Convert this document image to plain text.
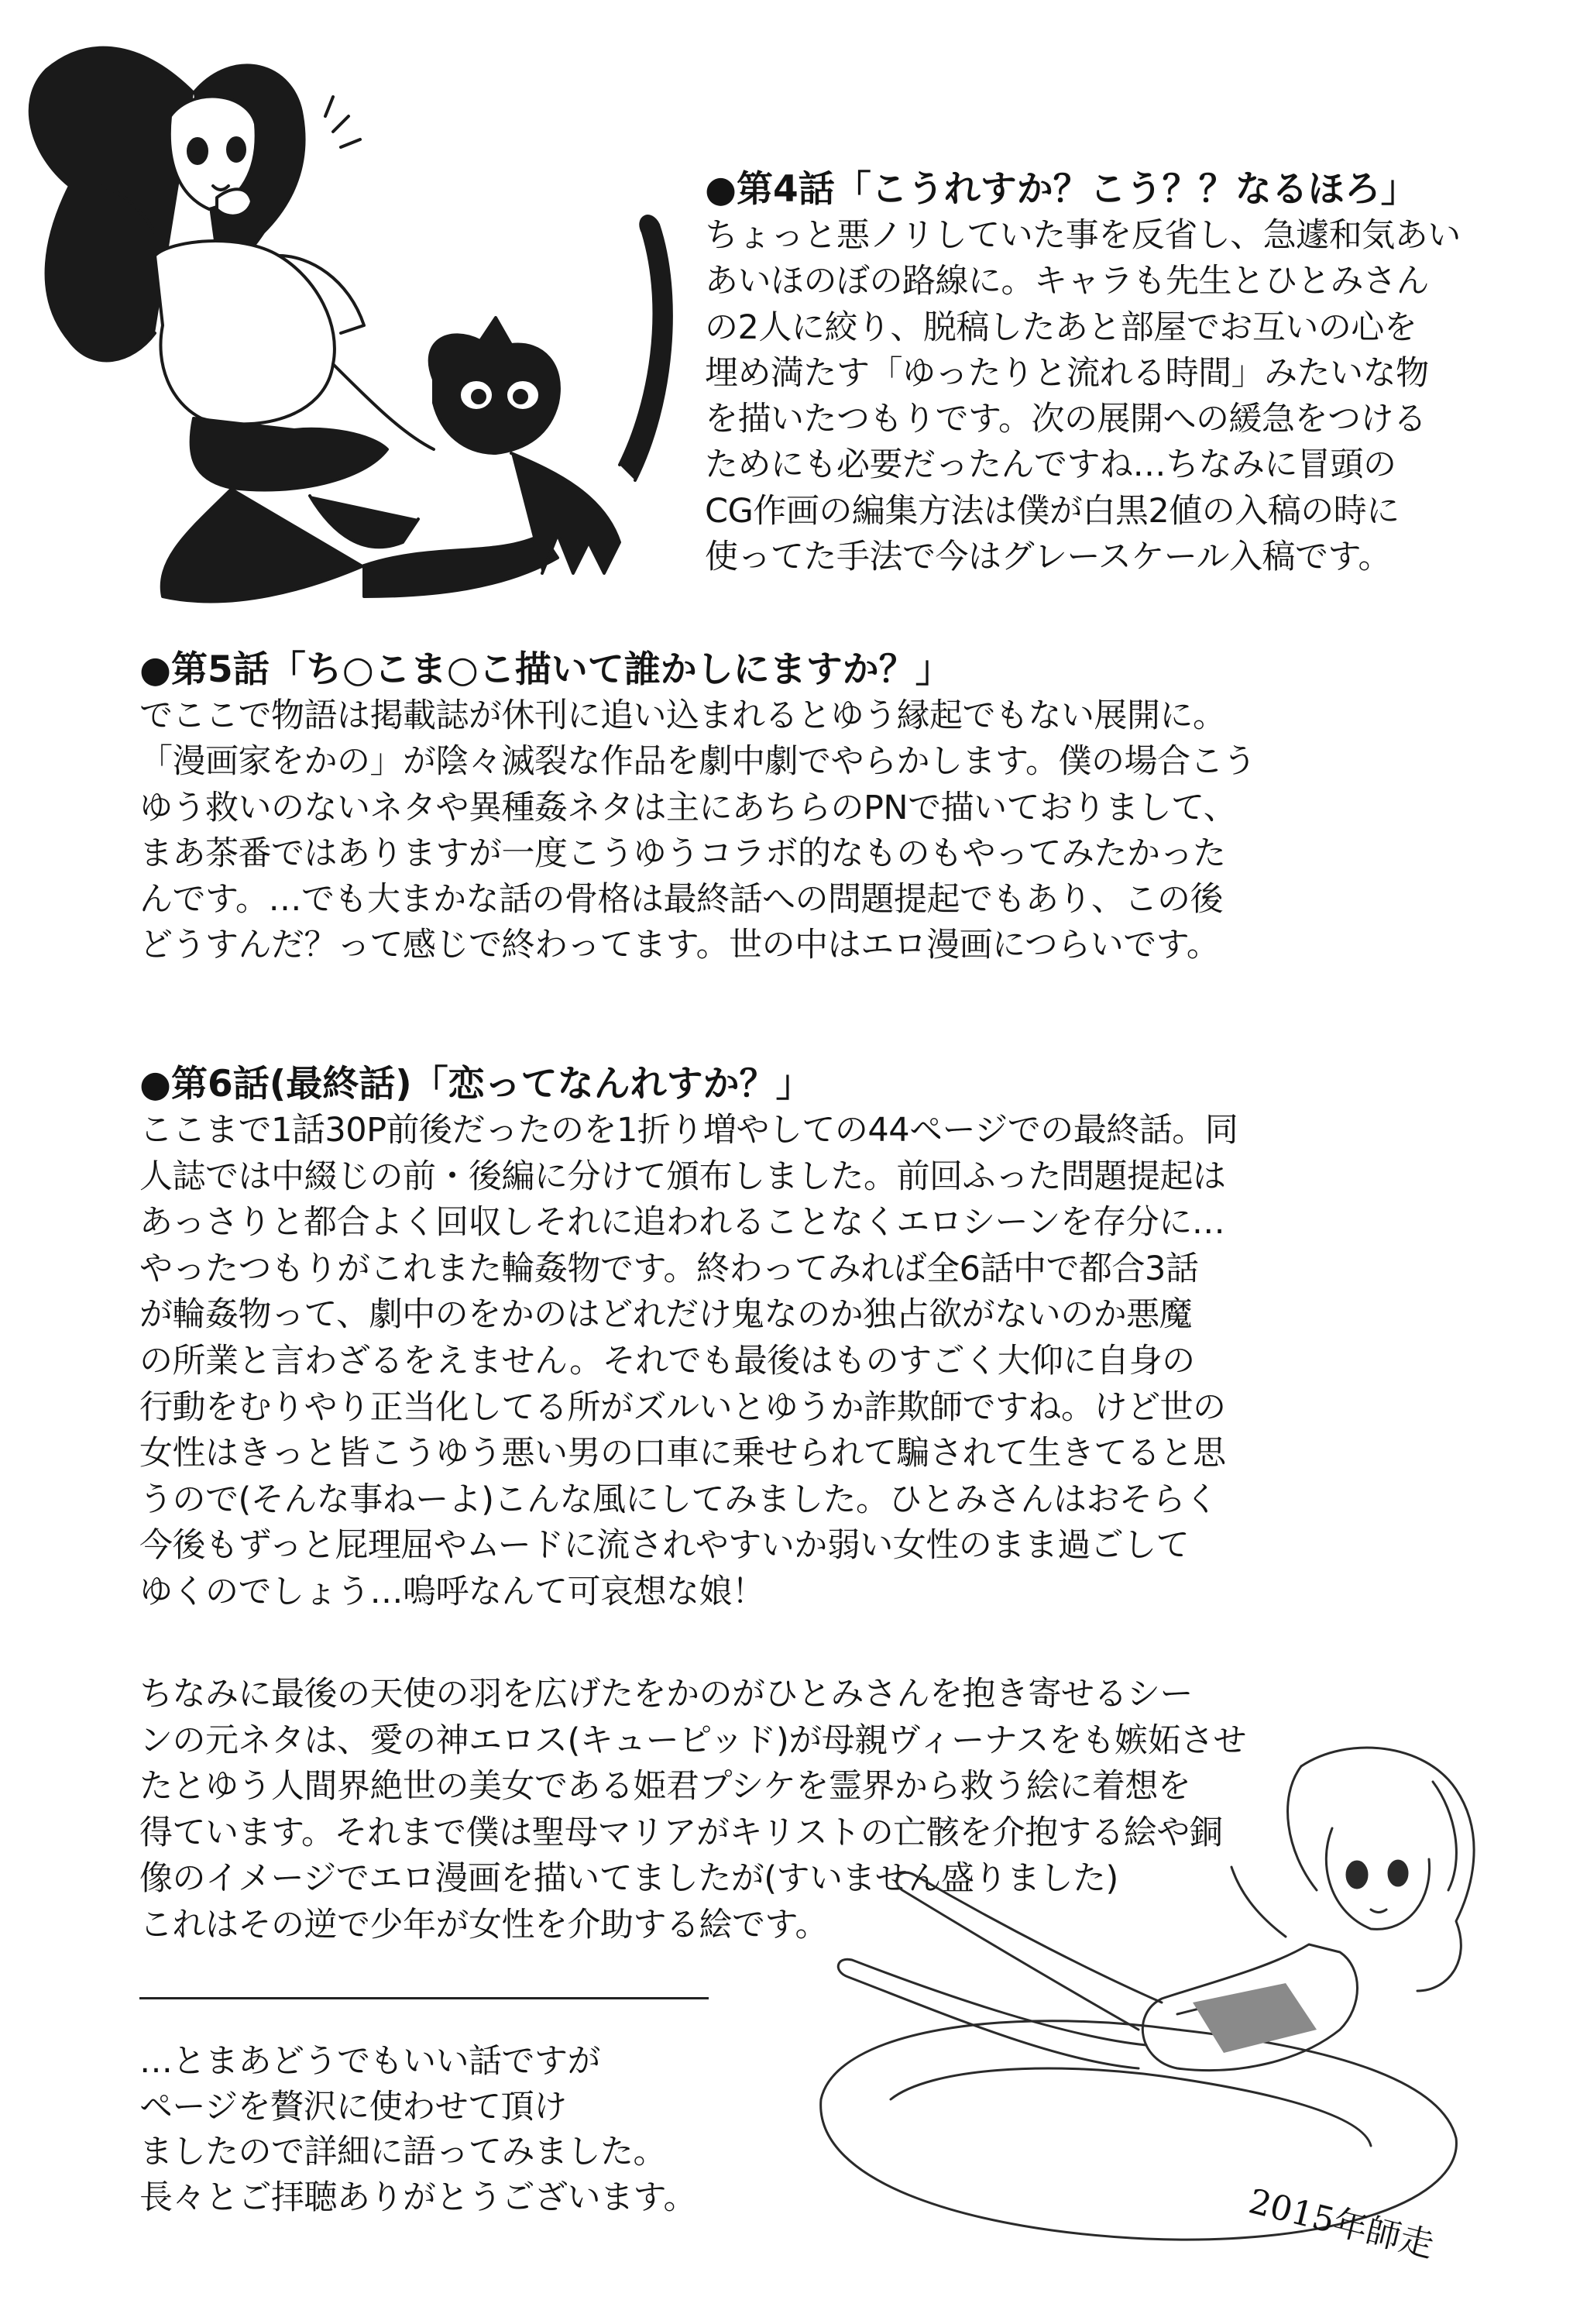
●第4話「こうれすか？こう？？なるほろ」
ちょっと悪ノリしていた事を反省し、急遽和気あい
あいほのぼの路線に。キャラも先生とひとみさん
の2人に絞り、脱稿したあと部屋でお互いの心を
埋め満たす「ゆったりと流れる時間」みたいな物
を描いたつもりです。次の展開への緩急をつける
ためにも必要だったんですね…ちなみに冒頭の
CG作画の編集方法は僕が白黒2値の入稿の時に
使ってた手法で今はグレースケール入稿です。
●第5話「ち○こま○こ描いて誰かしにますか？」
でここで物語は掲載誌が休刊に追い込まれるとゆう縁起でもない展開に。
「漫画家をかの」が陰々滅裂な作品を劇中劇でやらかします。僕の場合こう
ゆう救いのないネタや異種姦ネタは主にあちらのPNで描いておりまして、
まあ茶番ではありますが一度こうゆうコラボ的なものもやってみたかった
んです。…でも大まかな話の骨格は最終話への問題提起でもあり、この後
どうすんだ？って感じで終わってます。世の中はエロ漫画につらいです。
●第6話(最終話)「恋ってなんれすか？」
ここまで1話30P前後だったのを1折り増やしての44ページでの最終話。同
人誌では中綴じの前・後編に分けて頒布しました。前回ふった問題提起は
あっさりと都合よく回収しそれに追われることなくエロシーンを存分に…
やったつもりがこれまた輪姦物です。終わってみれば全6話中で都合3話
が輪姦物って、劇中のをかのはどれだけ鬼なのか独占欲がないのか悪魔
の所業と言わざるをえません。それでも最後はものすごく大仰に自身の
行動をむりやり正当化してる所がズルいとゆうか詐欺師ですね。けど世の
女性はきっと皆こうゆう悪い男の口車に乗せられて騙されて生きてると思
うので(そんな事ねーよ)こんな風にしてみました。ひとみさんはおそらく
今後もずっと屁理屈やムードに流されやすいか弱い女性のまま過ごして
ゆくのでしょう…嗚呼なんて可哀想な娘！
ちなみに最後の天使の羽を広げたをかのがひとみさんを抱き寄せるシー
ンの元ネタは、愛の神エロス(キューピッド)が母親ヴィーナスをも嫉妬させ
たとゆう人間界絶世の美女である姫君プシケを霊界から救う絵に着想を
得ています。それまで僕は聖母マリアがキリストの亡骸を介抱する絵や銅
像のイメージでエロ漫画を描いてましたが(すいません盛りました)
これはその逆で少年が女性を介助する絵です。
…とまあどうでもいい話ですが
ページを贅沢に使わせて頂け
ましたので詳細に語ってみました。
長々とご拝聴ありがとうございます。	2015年師走
